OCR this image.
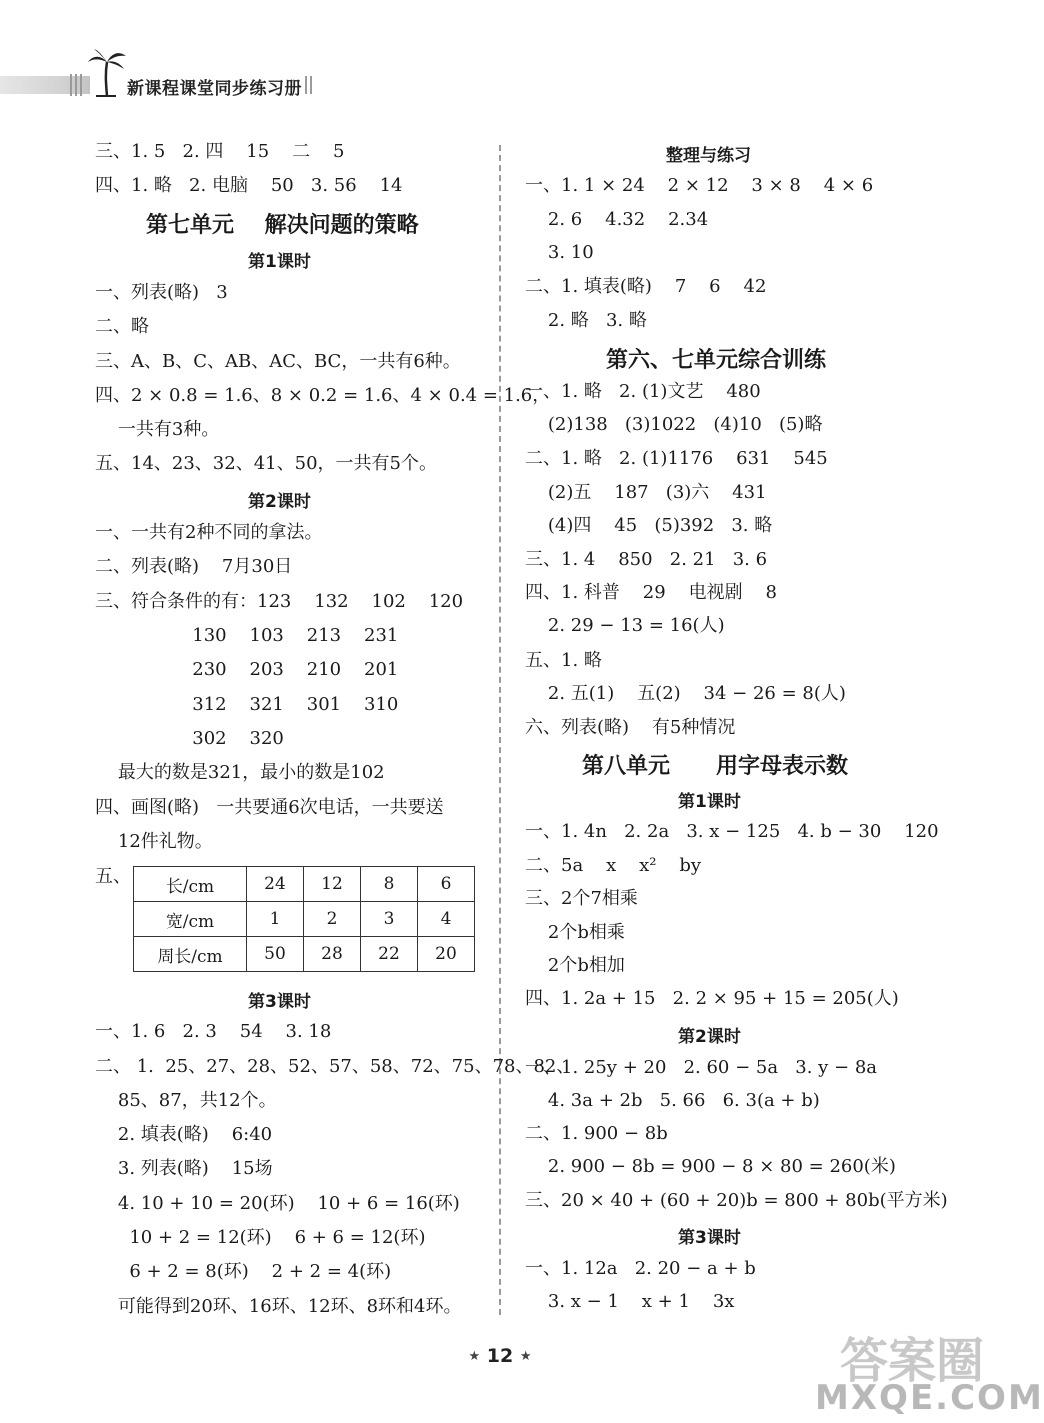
新课程课堂同步练习册
三、1. 5   2. 四    15    二    5
四、1. 略   2. 电脑    50   3. 56    14
第七单元    解决问题的策略
第1课时
一、列表(略)   3
二、略
三、A、B、C、AB、AC、BC，一共有6种。
四、2 × 0.8 = 1.6、8 × 0.2 = 1.6、4 × 0.4 = 1.6，
一共有3种。
五、14、23、32、41、50，一共有5个。
第2课时
一、一共有2种不同的拿法。
二、列表(略)    7月30日
三、符合条件的有：123    132    102    120
130    103    213    231
230    203    210    201
312    321    301    310
302    320
最大的数是321，最小的数是102
四、画图(略)   一共要通6次电话，一共要送
12件礼物。
五、 长/cm	24	12	8	6
宽/cm	1	2	3	4
周长/cm	50	28	22	20
第3课时
一、1. 6   2. 3    54    3. 18
二、 1.  25、27、28、52、57、58、72、75、78、82、
85、87，共12个。
2. 填表(略)    6:40
3. 列表(略)    15场
4. 10 + 10 = 20(环)    10 + 6 = 16(环)
10 + 2 = 12(环)    6 + 6 = 12(环)
6 + 2 = 8(环)    2 + 2 = 4(环)
可能得到20环、16环、12环、8环和4环。
整理与练习
一、1. 1 × 24    2 × 12    3 × 8    4 × 6
2. 6    4.32    2.34
3. 10
二、1. 填表(略)    7    6    42
2. 略   3. 略
第六、七单元综合训练
一、1. 略   2. (1)文艺    480
(2)138   (3)1022   (4)10   (5)略
二、1. 略   2. (1)1176    631    545
(2)五    187   (3)六    431
(4)四    45   (5)392   3. 略
三、1. 4    850   2. 21   3. 6
四、1. 科普    29    电视剧    8
2. 29 − 13 = 16(人)
五、1. 略
2. 五(1)    五(2)    34 − 26 = 8(人)
六、列表(略)    有5种情况
第八单元      用字母表示数
第1课时
一、1. 4n   2. 2a   3. x − 125   4. b − 30    120
二、5a    x    x²    by
三、2个7相乘
2个b相乘
2个b相加
四、1. 2a + 15   2. 2 × 95 + 15 = 205(人)
第2课时
一、1. 25y + 20   2. 60 − 5a   3. y − 8a
4. 3a + 2b   5. 66   6. 3(a + b)
二、1. 900 − 8b
2. 900 − 8b = 900 − 8 × 80 = 260(米)
三、20 × 40 + (60 + 20)b = 800 + 80b(平方米)
第3课时
一、1. 12a   2. 20 − a + b
3. x − 1    x + 1    3x
★ 12 ★	答案圈
MXQE.COM
